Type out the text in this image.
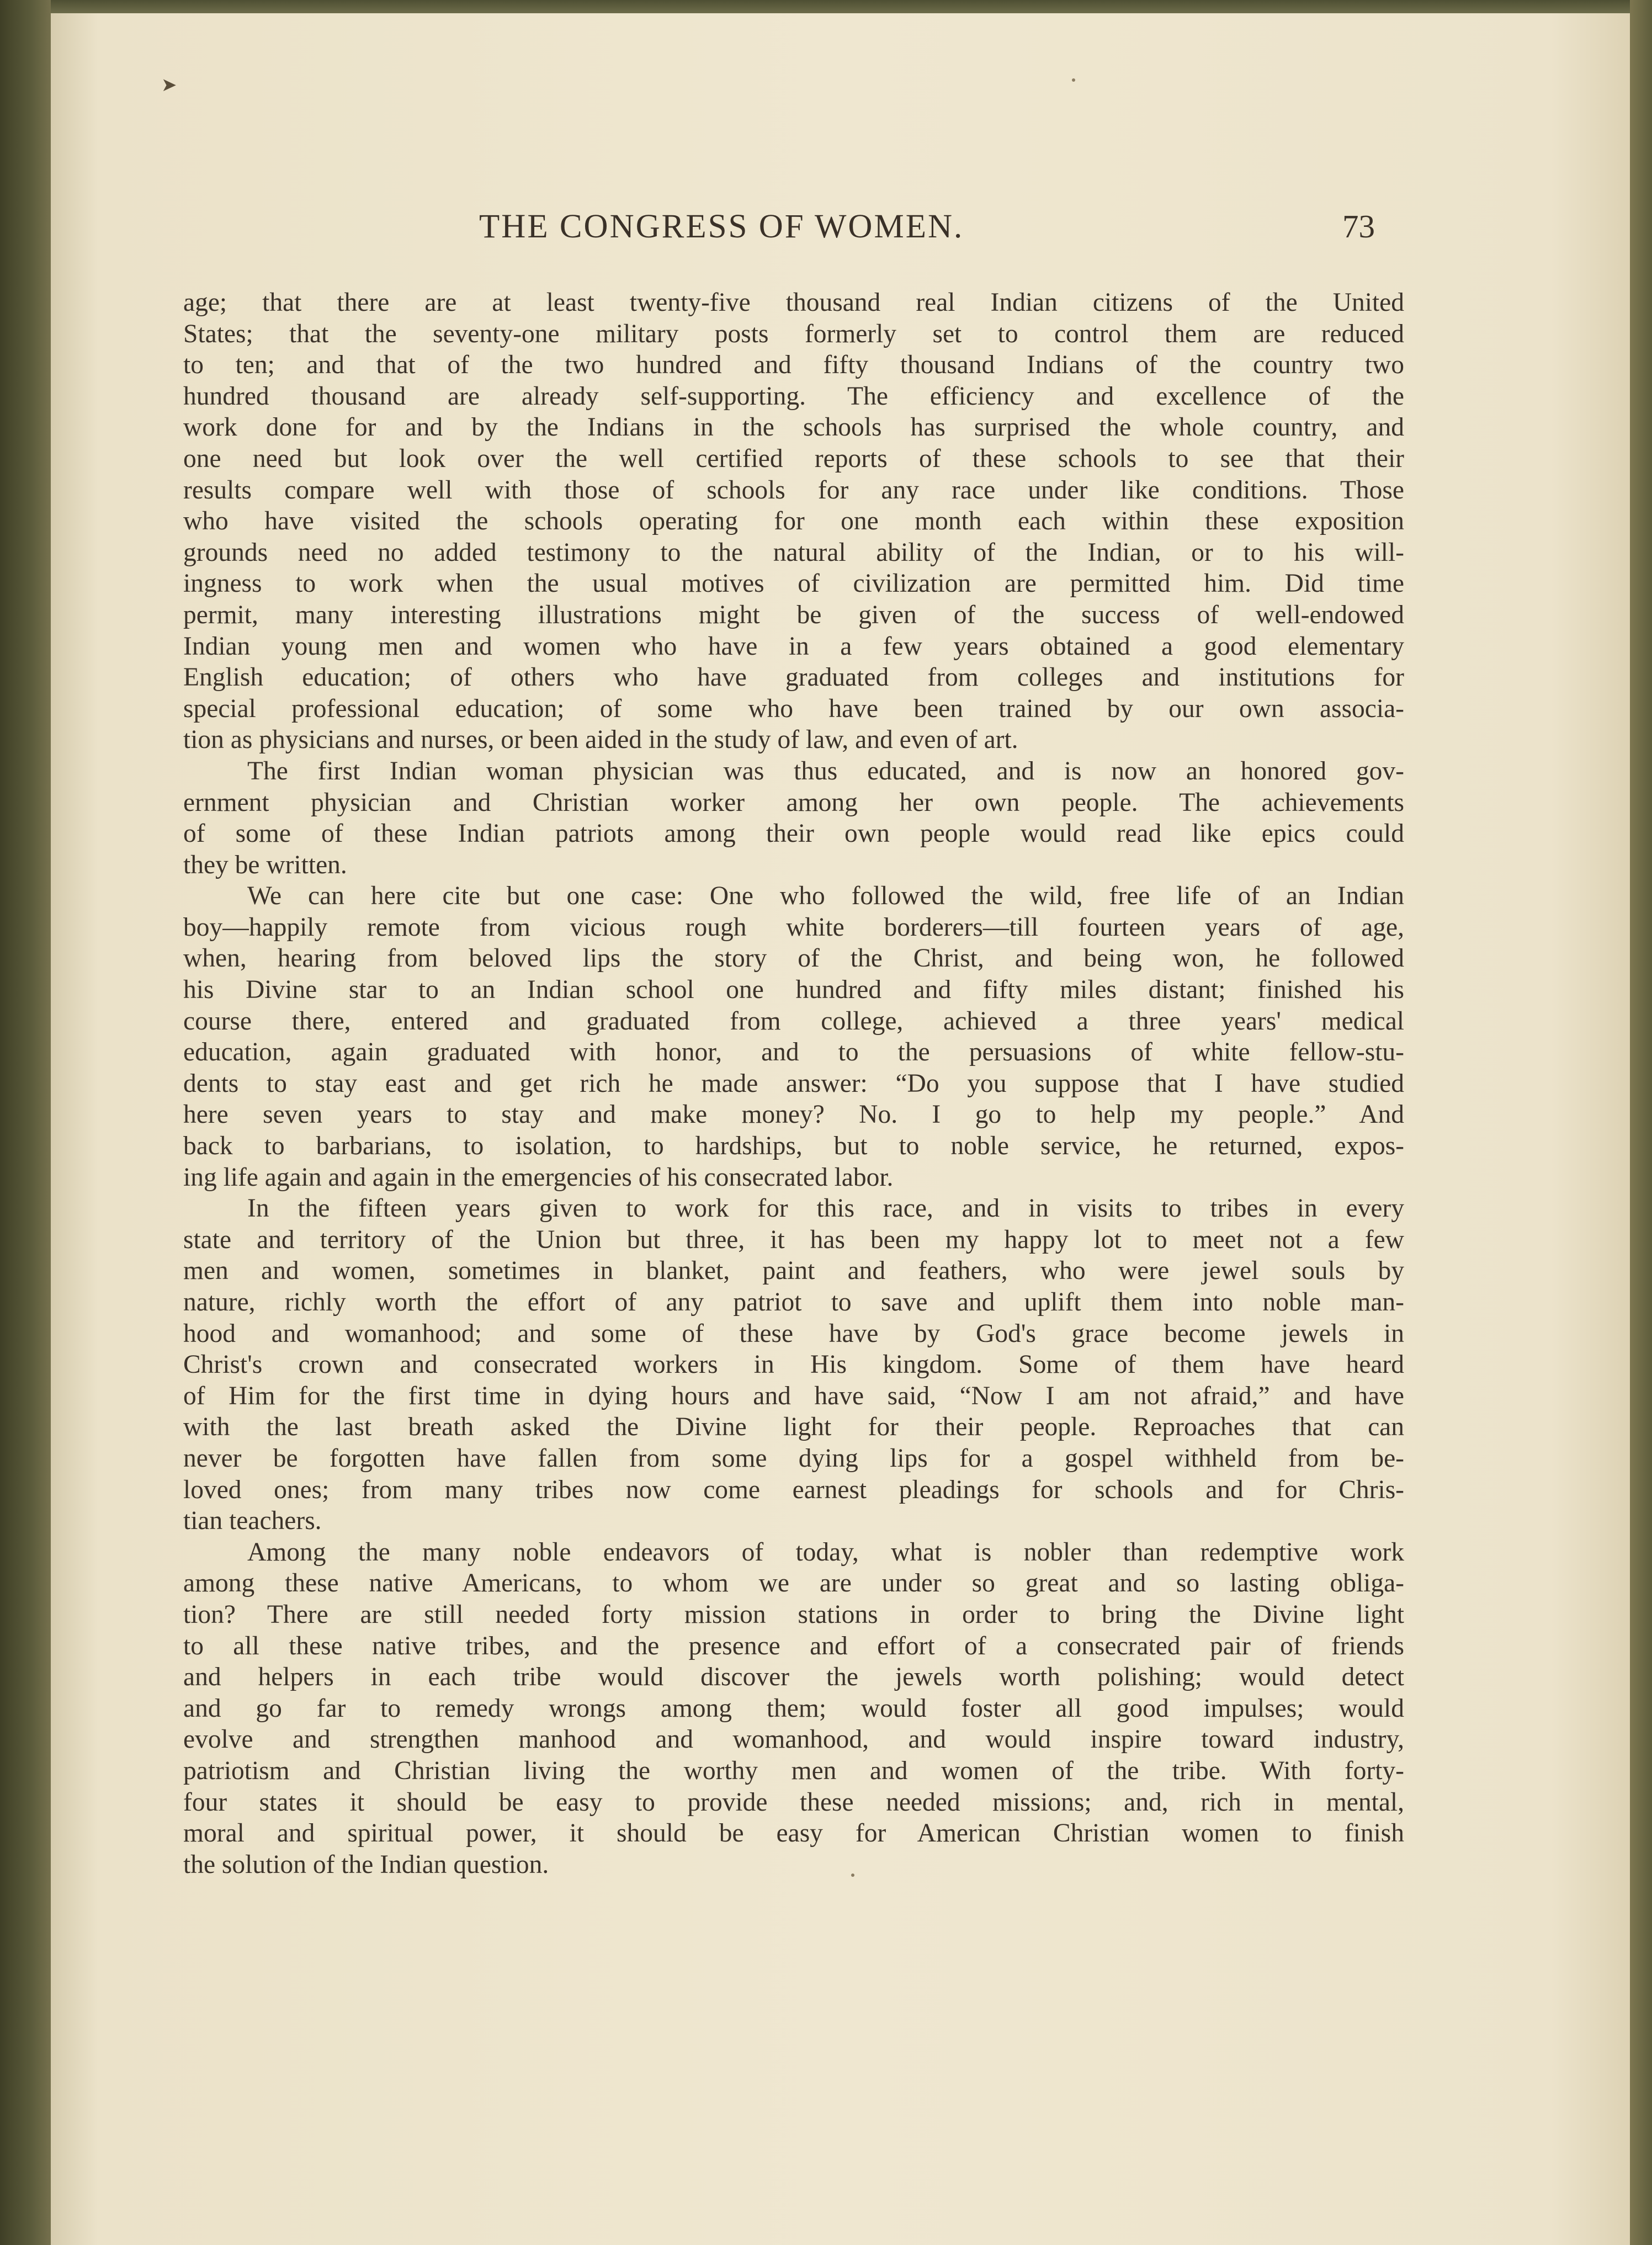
➤
THE CONGRESS OF WOMEN.	73
age; that there are at least twenty-five thousand real Indian citizens of the United
States; that the seventy-one military posts formerly set to control them are reduced
to ten; and that of the two hundred and fifty thousand Indians of the country two
hundred thousand are already self-supporting. The efficiency and excellence of the
work done for and by the Indians in the schools has surprised the whole country, and
one need but look over the well certified reports of these schools to see that their
results compare well with those of schools for any race under like conditions. Those
who have visited the schools operating for one month each within these exposition
grounds need no added testimony to the natural ability of the Indian, or to his will-
ingness to work when the usual motives of civilization are permitted him. Did time
permit, many interesting illustrations might be given of the success of well-endowed
Indian young men and women who have in a few years obtained a good elementary
English education; of others who have graduated from colleges and institutions for
special professional education; of some who have been trained by our own associa-
tion as physicians and nurses, or been aided in the study of law, and even of art.
The first Indian woman physician was thus educated, and is now an honored gov-
ernment physician and Christian worker among her own people. The achievements
of some of these Indian patriots among their own people would read like epics could
they be written.
We can here cite but one case: One who followed the wild, free life of an Indian
boy—happily remote from vicious rough white borderers—till fourteen years of age,
when, hearing from beloved lips the story of the Christ, and being won, he followed
his Divine star to an Indian school one hundred and fifty miles distant; finished his
course there, entered and graduated from college, achieved a three years' medical
education, again graduated with honor, and to the persuasions of white fellow-stu-
dents to stay east and get rich he made answer: “Do you suppose that I have studied
here seven years to stay and make money? No. I go to help my people.” And
back to barbarians, to isolation, to hardships, but to noble service, he returned, expos-
ing life again and again in the emergencies of his consecrated labor.
In the fifteen years given to work for this race, and in visits to tribes in every
state and territory of the Union but three, it has been my happy lot to meet not a few
men and women, sometimes in blanket, paint and feathers, who were jewel souls by
nature, richly worth the effort of any patriot to save and uplift them into noble man-
hood and womanhood; and some of these have by God's grace become jewels in
Christ's crown and consecrated workers in His kingdom. Some of them have heard
of Him for the first time in dying hours and have said, “Now I am not afraid,” and have
with the last breath asked the Divine light for their people. Reproaches that can
never be forgotten have fallen from some dying lips for a gospel withheld from be-
loved ones; from many tribes now come earnest pleadings for schools and for Chris-
tian teachers.
Among the many noble endeavors of today, what is nobler than redemptive work
among these native Americans, to whom we are under so great and so lasting obliga-
tion? There are still needed forty mission stations in order to bring the Divine light
to all these native tribes, and the presence and effort of a consecrated pair of friends
and helpers in each tribe would discover the jewels worth polishing; would detect
and go far to remedy wrongs among them; would foster all good impulses; would
evolve and strengthen manhood and womanhood, and would inspire toward industry,
patriotism and Christian living the worthy men and women of the tribe. With forty-
four states it should be easy to provide these needed missions; and, rich in mental,
moral and spiritual power, it should be easy for American Christian women to finish
the solution of the Indian question.
